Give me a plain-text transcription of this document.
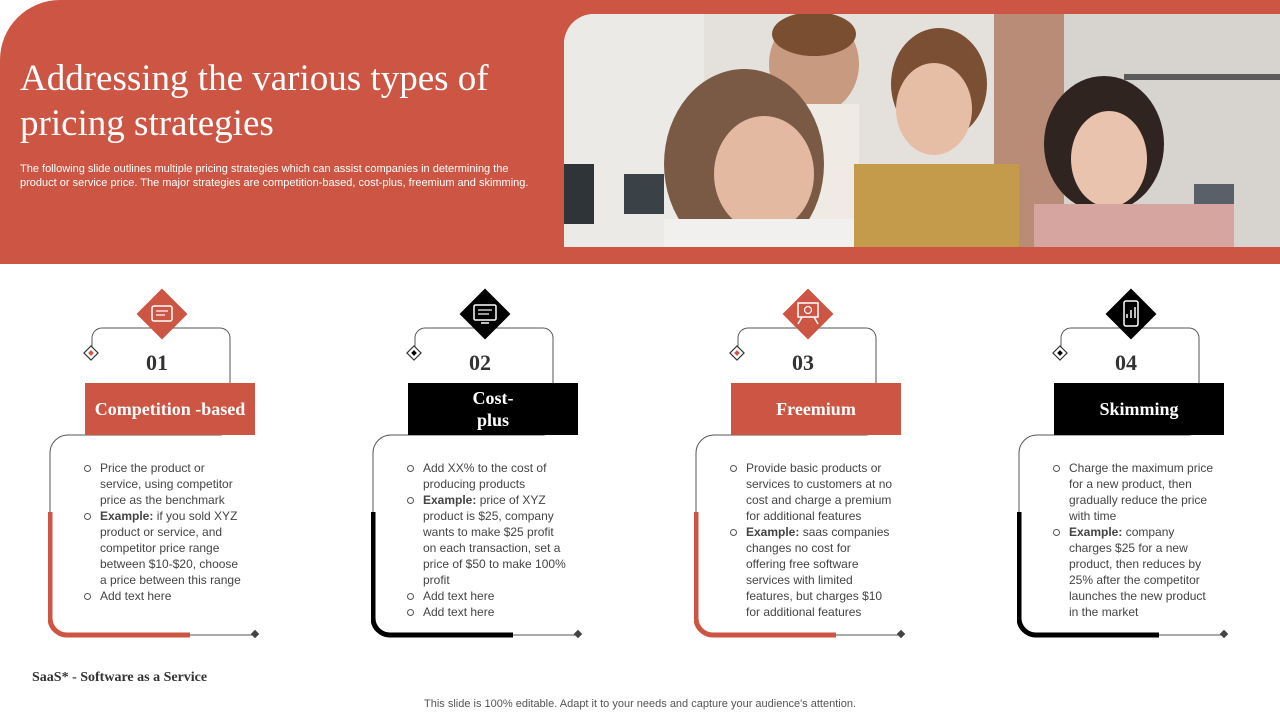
Addressing the various types of pricing strategies

The following slide outlines multiple pricing strategies which can assist companies in determining the product or service price. The major strategies are competition-based, cost-plus, freemium and skimming.

01
Competition -based
Price the product or service, using competitor price as the benchmark
Example: if you sold XYZ product or service, and competitor price range between $10-$20, choose a price between this range
Add text here
02
Cost-plus
Add XX% to the cost of producing products
Example: price of XYZ product is $25, company wants to make $25 profit on each transaction, set a price of $50 to make 100% profit
Add text here
Add text here
03
Freemium
Provide basic products or services to customers at no cost and charge a premium for additional features
Example: saas companies changes no cost for offering free software services with limited features, but charges $10 for additional features
04
Skimming
Charge the maximum price for a new product, then gradually reduce the price with time
Example: company charges $25 for a new product, then reduces by 25% after the competitor launches the new product in the market

SaaS* - Software as a Service

This slide is 100% editable. Adapt it to your needs and capture your audience's attention.
